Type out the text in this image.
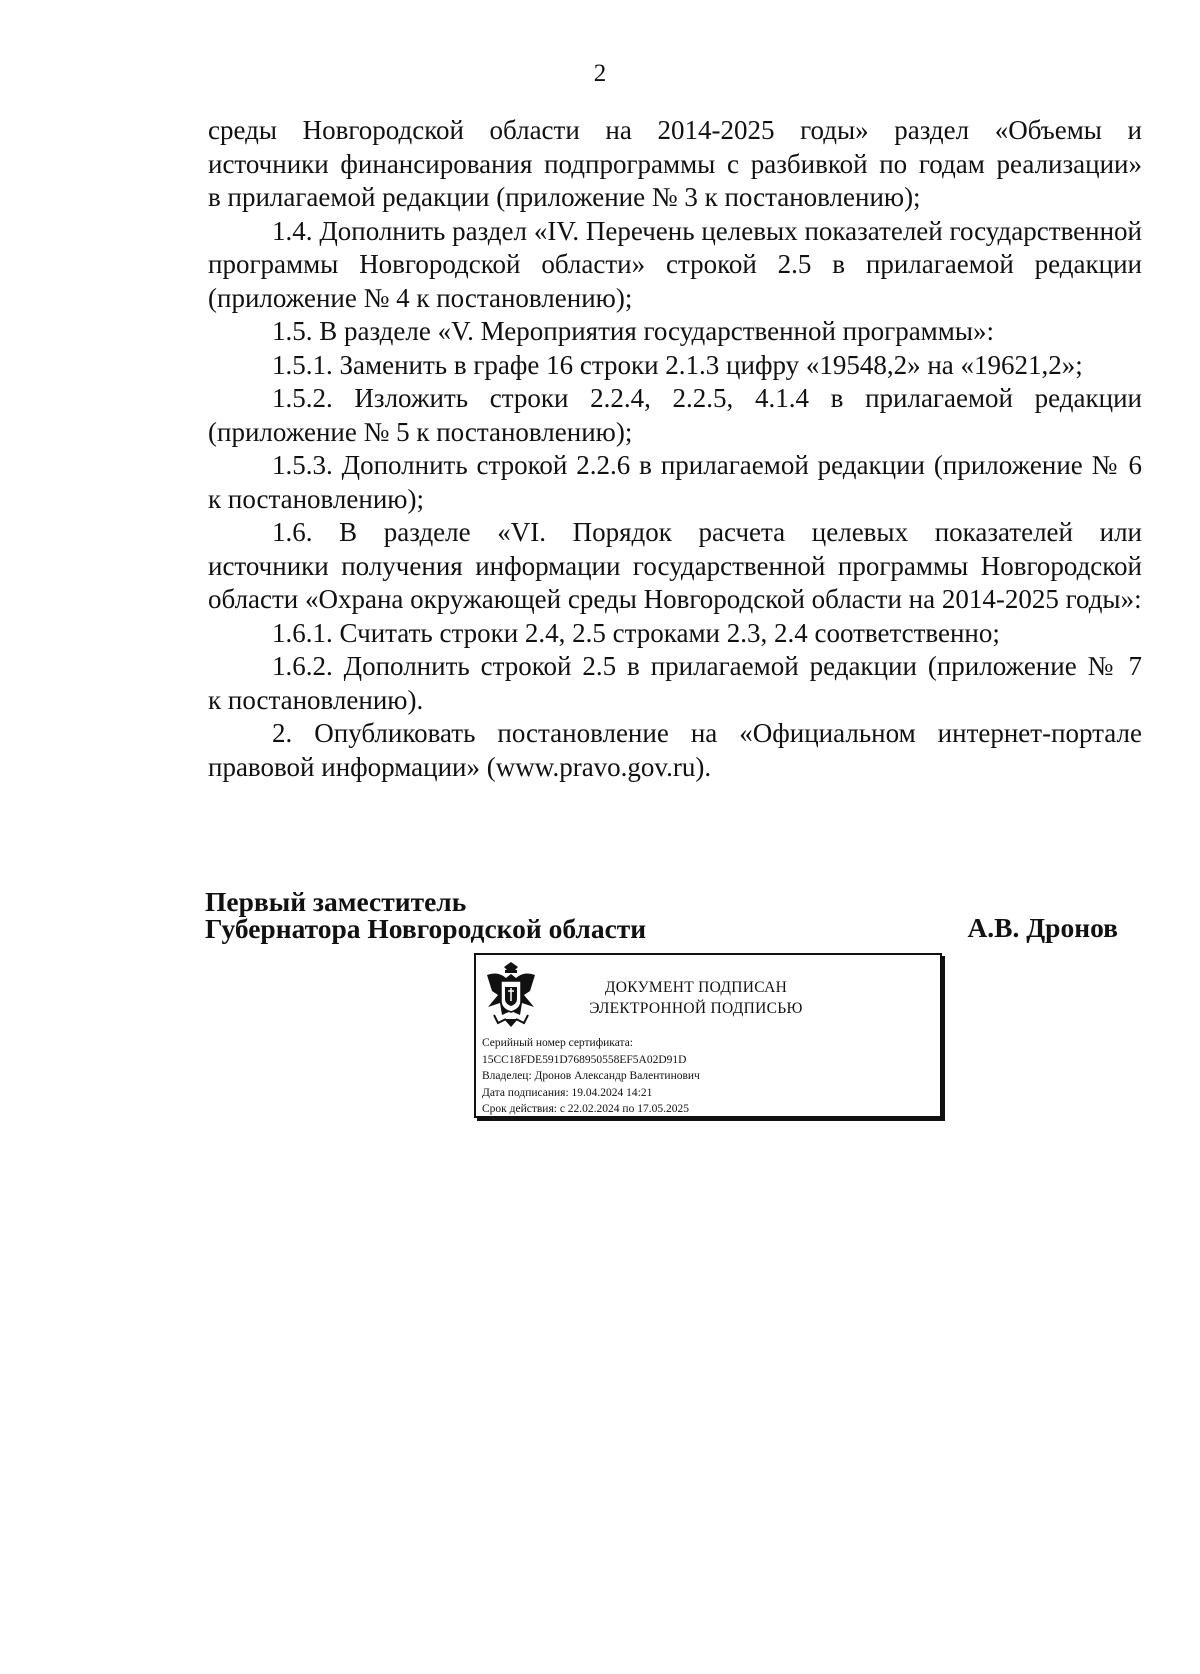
2
среды Новгородской области на 2014-2025 годы» раздел «Объемы и
источники финансирования подпрограммы с разбивкой по годам реализации»
в прилагаемой редакции (приложение № 3 к постановлению);
1.4. Дополнить раздел «IV. Перечень целевых показателей государственной
программы Новгородской области» строкой 2.5 в прилагаемой редакции
(приложение № 4 к постановлению);
1.5. В разделе «V. Мероприятия государственной программы»:
1.5.1. Заменить в графе 16 строки 2.1.3 цифру «19548,2» на «19621,2»;
1.5.2. Изложить строки 2.2.4, 2.2.5, 4.1.4 в прилагаемой редакции
(приложение № 5 к постановлению);
1.5.3. Дополнить строкой 2.2.6 в прилагаемой редакции (приложение № 6
к постановлению);
1.6. В разделе «VI. Порядок расчета целевых показателей или
источники получения информации государственной программы Новгородской
области «Охрана окружающей среды Новгородской области на 2014-2025 годы»:
1.6.1. Считать строки 2.4, 2.5 строками 2.3, 2.4 соответственно;
1.6.2. Дополнить строкой 2.5 в прилагаемой редакции (приложение № 7
к постановлению).
2. Опубликовать постановление на «Официальном интернет-портале
правовой информации» (www.pravo.gov.ru).
Первый заместитель
Губернатора Новгородской области	А.В. Дронов
ДОКУМЕНТ ПОДПИСАН
ЭЛЕКТРОННОЙ ПОДПИСЬЮ
Серийный номер сертификата:
15CC18FDE591D768950558EF5A02D91D
Владелец: Дронов Александр Валентинович
Дата подписания: 19.04.2024 14:21
Срок действия: с 22.02.2024 по 17.05.2025
